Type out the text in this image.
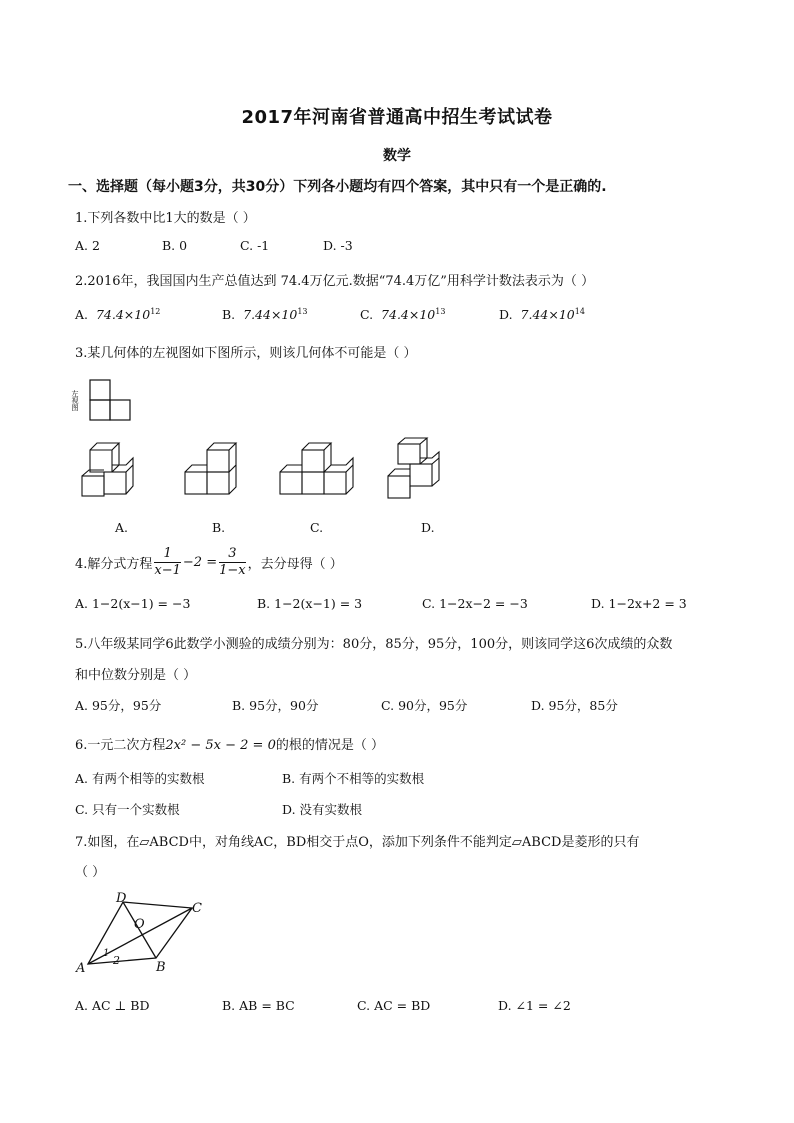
2017年河南省普通高中招生考试试卷
数学
一、选择题（每小题3分，共30分）下列各小题均有四个答案，其中只有一个是正确的.
1.下列各数中比1大的数是（ ）
A. 2	B. 0	C. -1	D. -3
2.2016年，我国国内生产总值达到 74.4万亿元.数据“74.4万亿”用科学计数法表示为（ ）
A. $74.4\times 10^{12}$	B. $7.44\times 10^{13}$	C. $74.4\times 10^{13}$	D. $7.44\times 10^{14}$
3.某几何体的左视图如下图所示，则该几何体不可能是（ ）
左视图
A.	B.	C.	D.
4.解分式方程 $\frac{1}{x-1} -2 = \frac{3}{1-x}$ ，去分母得（ ）
A. 1−2(x−1) = −3	B. 1−2(x−1) = 3	C. 1−2x−2 = −3	D. 1−2x+2 = 3
5.八年级某同学6此数学小测验的成绩分别为：80分，85分，95分，100分，则该同学这6次成绩的众数
和中位数分别是（ ）
A. 95分，95分	B. 95分，90分	C. 90分，95分	D. 95分，85分
6.一元二次方程2x² − 5x − 2 = 0的根的情况是（ ）
A. 有两个相等的实数根	B. 有两个不相等的实数根
C. 只有一个实数根	D. 没有实数根
7.如图，在▱ABCD中，对角线AC，BD相交于点O，添加下列条件不能判定▱ABCD是菱形的只有
（ ）
A	B
C
D
O
1
2
A. AC ⊥ BD	B. AB = BC	C. AC = BD	D. ∠1 = ∠2
